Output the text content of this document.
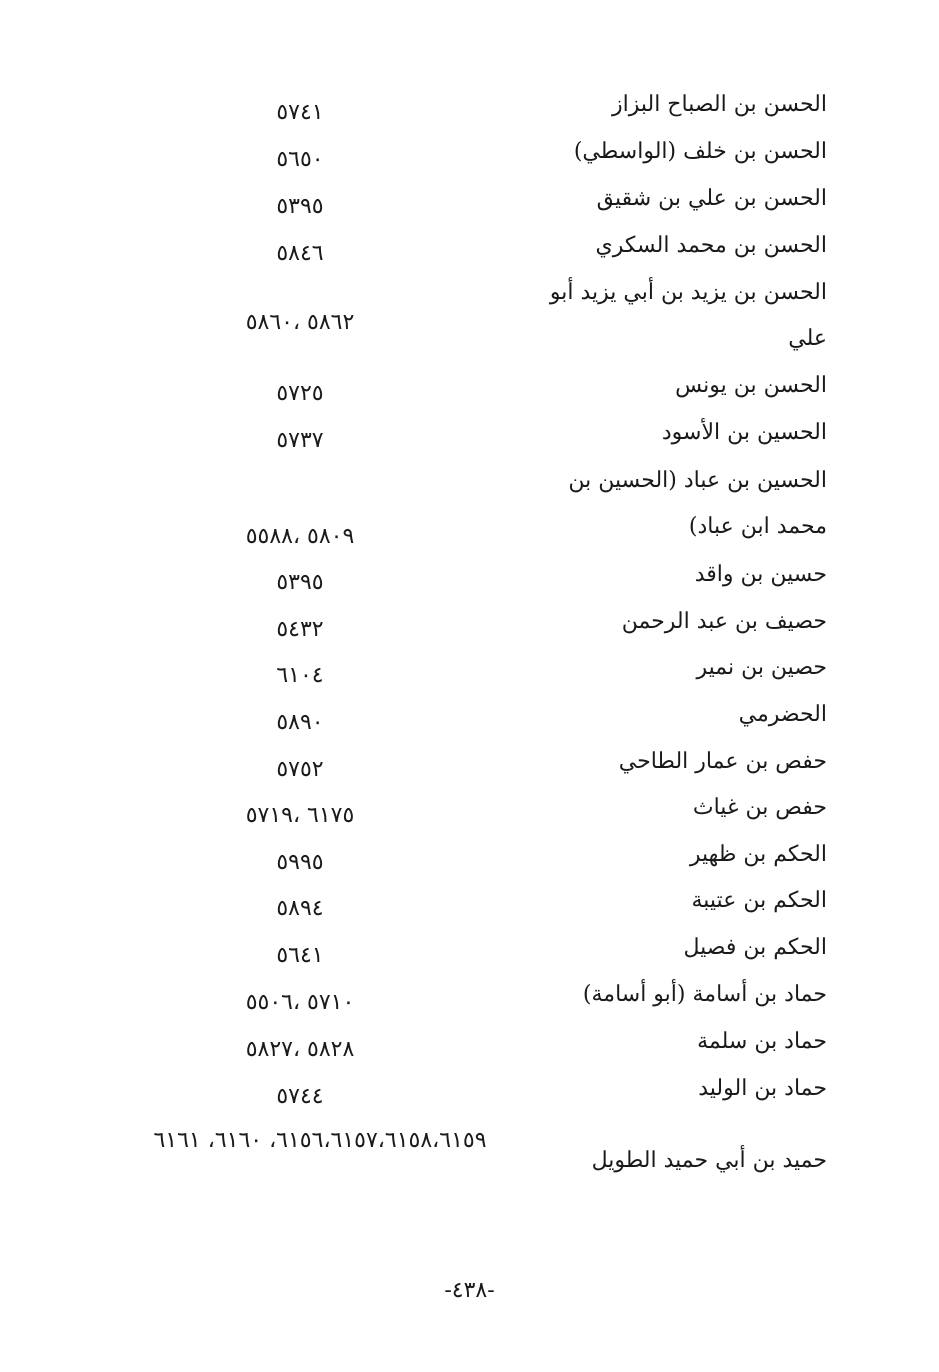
الحسن بن الصباح البزاز
٥٧٤١
الحسن بن خلف (الواسطي)
٥٦٥٠
الحسن بن علي بن شقيق
٥٣٩٥
الحسن بن محمد السكري
٥٨٤٦
الحسن بن يزيد بن أبي يزيد أبو علي
٥٨٦٢ ،٥٨٦٠
الحسن بن يونس
٥٧٢٥
الحسين بن الأسود
٥٧٣٧
الحسين بن عباد (الحسين بن محمد ابن عباد)
٥٨٠٩ ،٥٥٨٨
حسين بن واقد
٥٣٩٥
حصيف بن عبد الرحمن
٥٤٣٢
حصين بن نمير
٦١٠٤
الحضرمي
٥٨٩٠
حفص بن عمار الطاحي
٥٧٥٢
حفص بن غياث
٦١٧٥ ،٥٧١٩
الحكم بن ظهير
٥٩٩٥
الحكم بن عتيبة
٥٨٩٤
الحكم بن فصيل
٥٦٤١
حماد بن أسامة (أبو أسامة)
٥٧١٠ ،٥٥٠٦
حماد بن سلمة
٥٨٢٨ ،٥٨٢٧
حماد بن الوليد
٥٧٤٤
حميد بن أبي حميد الطويل
٦١٥٦،٦١٥٧،٦١٥٨،٦١٥٩، ٦١٦٠، ٦١٦١
-٤٣٨-
